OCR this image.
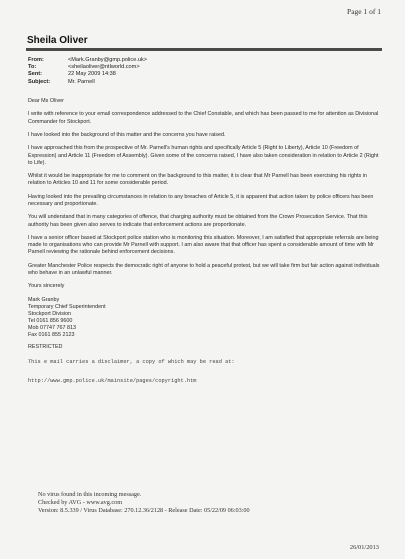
Page 1 of 1
Sheila Oliver
From:	<Mark.Granby@gmp.police.uk>
To:	<sheilaoliver@ntlworld.com>
Sent:	22 May 2009 14:38
Subject:	Mr. Parnell

Dear Ms Oliver

I write with reference to your email correspondence addressed to the Chief Constable, and which has been passed to me for attention as Divisional Commander for Stockport.

I have looked into the background of this matter and the concerns you have raised.

I have approached this from the prospective of Mr. Parnell's human rights and specifically Article 5 (Right to Liberty), Article 10 (Freedom of Expression) and Article 11 (Freedom of Assembly). Given some of the concerns raised, I have also taken consideration in relation to Article 2 (Right to Life).

Whilst it would be inappropriate for me to comment on the background to this matter, it is clear that Mr Parnell has been exercising his rights in relation to Articles 10 and 11 for some considerable period.

Having looked into the prevailing circumstances in relation to any breaches of Article 5, it is apparent that action taken by police officers has been necessary and proportionate.

You will understand that in many categories of offence, that charging authority must be obtained from the Crown Prosecution Service. That this authority has been given also serves to indicate that enforcement actions are proportionate.

I have a senior officer based at Stockport police station who is monitoring this situation. Moreover, I am satisfied that appropriate referrals are being made to organisations who can provide Mr Parnell with support. I am also aware that that officer has spent a considerable amount of time with Mr Parnell reviewing the rationale behind enforcement decisions.

Greater Manchester Police respects the democratic right of anyone to hold a peaceful protest, but we will take firm but fair action against individuals who behave in an unlawful manner.

Yours sincerely

Mark Granby
Temporary Chief Superintendent
Stockport Division
Tel 0161 856 9600
Mob 07747 767 813
Fax 0161 855 2123
RESTRICTED
This e mail carries a disclaimer, a copy of which may be read at:
http://www.gmp.police.uk/mainsite/pages/copyright.htm
No virus found in this incoming message.
Checked by AVG - www.avg.com
Version: 8.5.339 / Virus Database: 270.12.36/2128 - Release Date: 05/22/09 06:03:00
26/01/2013
